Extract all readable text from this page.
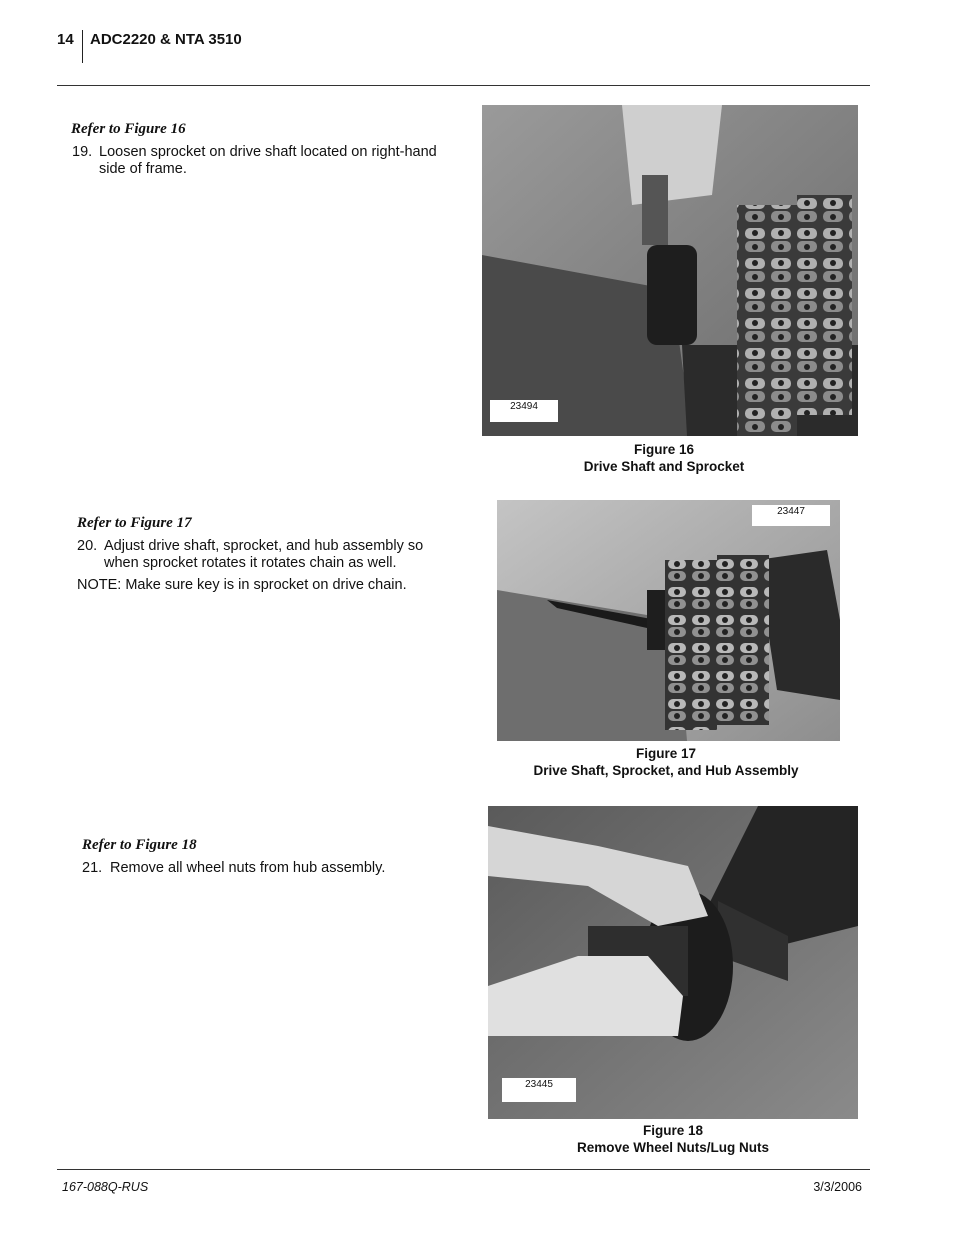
14 ADC2220 & NTA 3510
Refer to Figure 16
19. Loosen sprocket on drive shaft located on right-hand
side of frame.
23494
Figure 16
Drive Shaft and Sprocket
Refer to Figure 17
20. Adjust drive shaft, sprocket, and hub assembly so
when sprocket rotates it rotates chain as well.
NOTE: Make sure key is in sprocket on drive chain.
23447
Figure 17
Drive Shaft, Sprocket, and Hub Assembly
Refer to Figure 18
21. Remove all wheel nuts from hub assembly.
23445
Figure 18
Remove Wheel Nuts/Lug Nuts
167-088Q-RUS	3/3/2006
